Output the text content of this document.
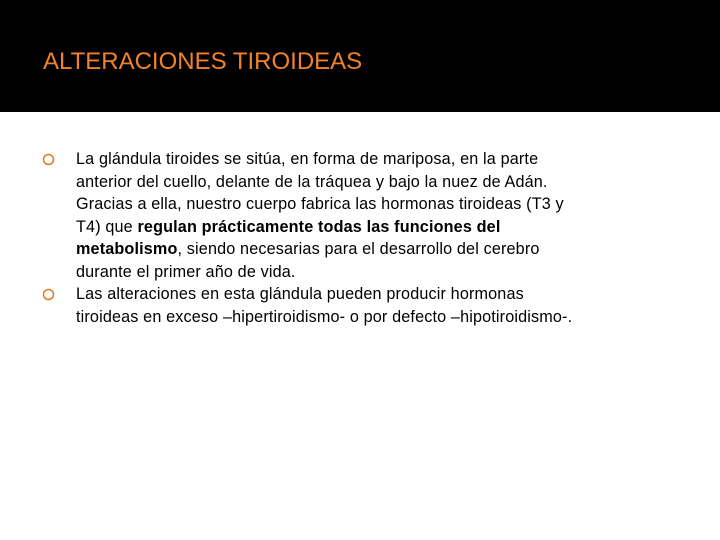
ALTERACIONES TIROIDEAS
La glándula tiroides se sitúa, en forma de mariposa, en la parte
anterior del cuello, delante de la tráquea y bajo la nuez de Adán.
Gracias a ella, nuestro cuerpo fabrica las hormonas tiroideas (T3 y
T4) que regulan prácticamente todas las funciones del
metabolismo, siendo necesarias para el desarrollo del cerebro
durante el primer año de vida.
Las alteraciones en esta glándula pueden producir hormonas
tiroideas en exceso –hipertiroidismo- o por defecto –hipotiroidismo-.
